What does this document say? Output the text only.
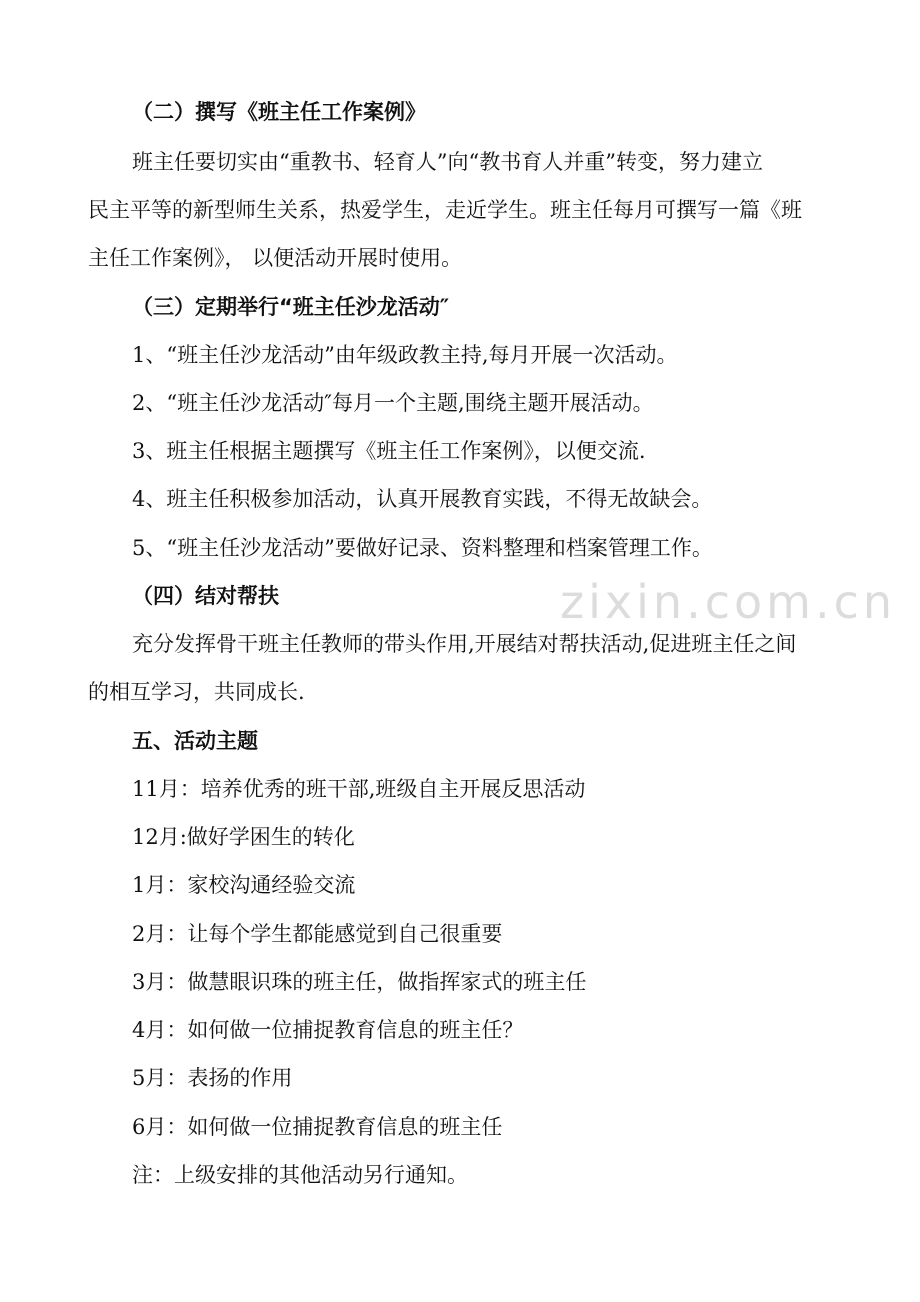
zixin.com.cn
（二）撰写《班主任工作案例》
班主任要切实由“重教书、轻育人”向“教书育人并重”转变，努力建立
民主平等的新型师生关系，热爱学生，走近学生。班主任每月可撰写一篇《班
主任工作案例》， 以便活动开展时使用。
（三）定期举行“班主任沙龙活动″
1、“班主任沙龙活动”由年级政教主持,每月开展一次活动。
2、“班主任沙龙活动″每月一个主题,围绕主题开展活动。
3、班主任根据主题撰写《班主任工作案例》，以便交流.
4、班主任积极参加活动，认真开展教育实践，不得无故缺会。
5、“班主任沙龙活动”要做好记录、资料整理和档案管理工作。
（四）结对帮扶
充分发挥骨干班主任教师的带头作用,开展结对帮扶活动,促进班主任之间
的相互学习，共同成长.
五、活动主题
11月：培养优秀的班干部,班级自主开展反思活动
12月:做好学困生的转化
1月：家校沟通经验交流
2月：让每个学生都能感觉到自己很重要
3月：做慧眼识珠的班主任，做指挥家式的班主任
4月：如何做一位捕捉教育信息的班主任？
5月：表扬的作用
6月：如何做一位捕捉教育信息的班主任
注：上级安排的其他活动另行通知。
